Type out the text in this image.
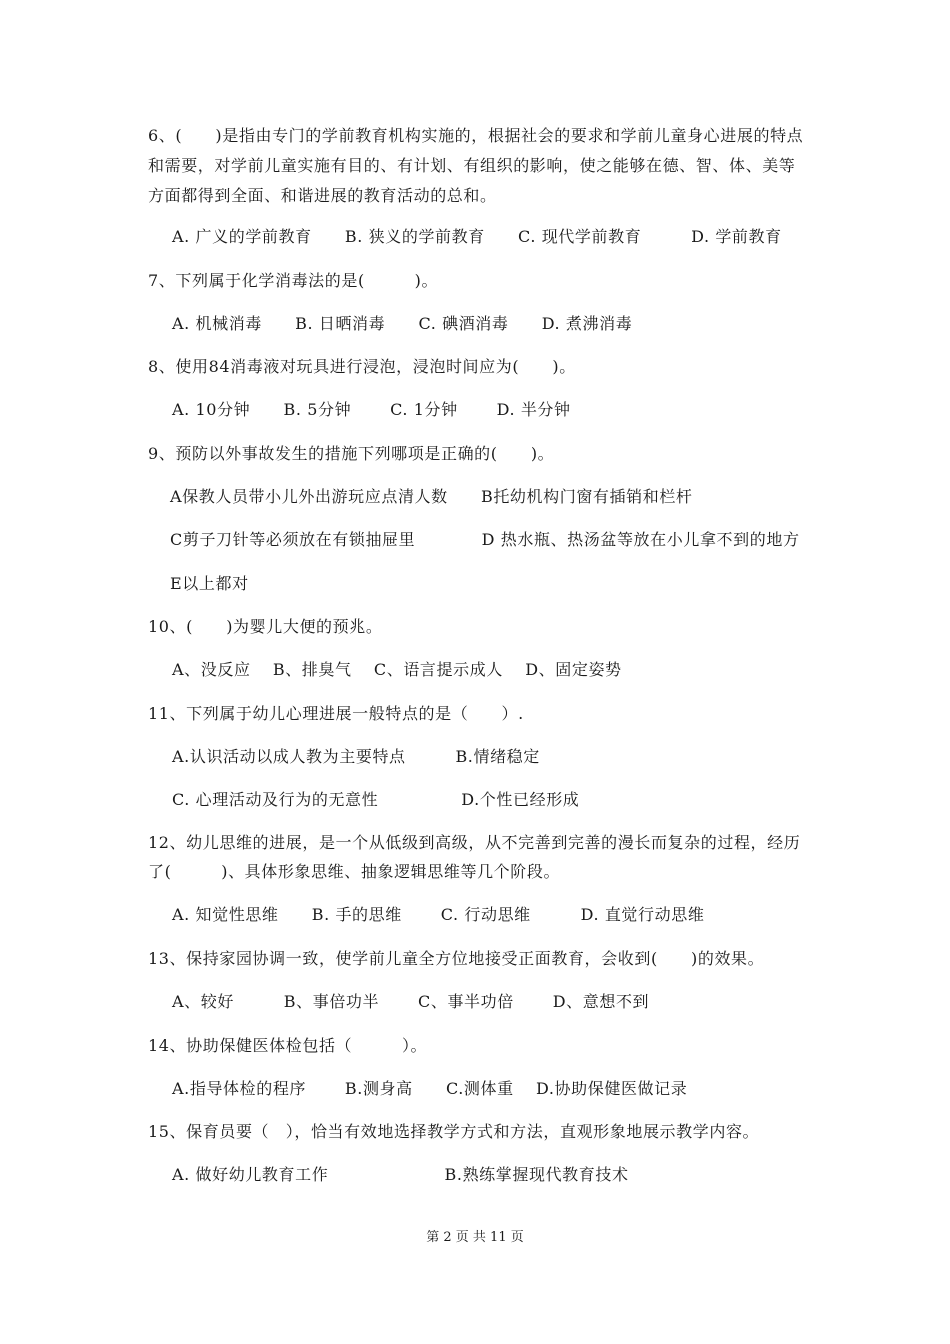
6、(　　)是指由专门的学前教育机构实施的，根据社会的要求和学前儿童身心进展的特点
和需要，对学前儿童实施有目的、有计划、有组织的影响，使之能够在德、智、体、美等
方面都得到全面、和谐进展的教育活动的总和。
A. 广义的学前教育　　B. 狭义的学前教育　　C. 现代学前教育　　　D. 学前教育
7、下列属于化学消毒法的是(　　　)。
A. 机械消毒　　B. 日晒消毒　　C. 碘酒消毒　　D. 煮沸消毒
8、使用84消毒液对玩具进行浸泡，浸泡时间应为(　　)。
A. 10分钟　　B. 5分钟　　 C. 1分钟　　 D. 半分钟
9、预防以外事故发生的措施下列哪项是正确的(　　)。
A保教人员带小儿外出游玩应点清人数　　B托幼机构门窗有插销和栏杆
C剪子刀针等必须放在有锁抽屉里　　　　D 热水瓶、热汤盆等放在小儿拿不到的地方
E以上都对
10、(　　)为婴儿大便的预兆。
A、没反应　 B、排臭气　 C、语言提示成人　 D、固定姿势
11、下列属于幼儿心理进展一般特点的是（　　）.
A.认识活动以成人教为主要特点　　　B.情绪稳定
C. 心理活动及行为的无意性　　　　　D.个性已经形成
12、幼儿思维的进展，是一个从低级到高级，从不完善到完善的漫长而复杂的过程，经历
了(　　　)、具体形象思维、抽象逻辑思维等几个阶段。
A. 知觉性思维　　B. 手的思维　　 C. 行动思维　　　D. 直觉行动思维
13、保持家园协调一致，使学前儿童全方位地接受正面教育，会收到(　　)的效果。
A、较好　　　B、事倍功半　　 C、事半功倍　　 D、意想不到
14、协助保健医体检包括（　　　）。
A.指导体检的程序　　 B.测身高　　C.测体重　 D.协助保健医做记录
15、保育员要（　），恰当有效地选择教学方式和方法，直观形象地展示教学内容。
A. 做好幼儿教育工作　　　　　　　B.熟练掌握现代教育技术
第 2 页 共 11 页
